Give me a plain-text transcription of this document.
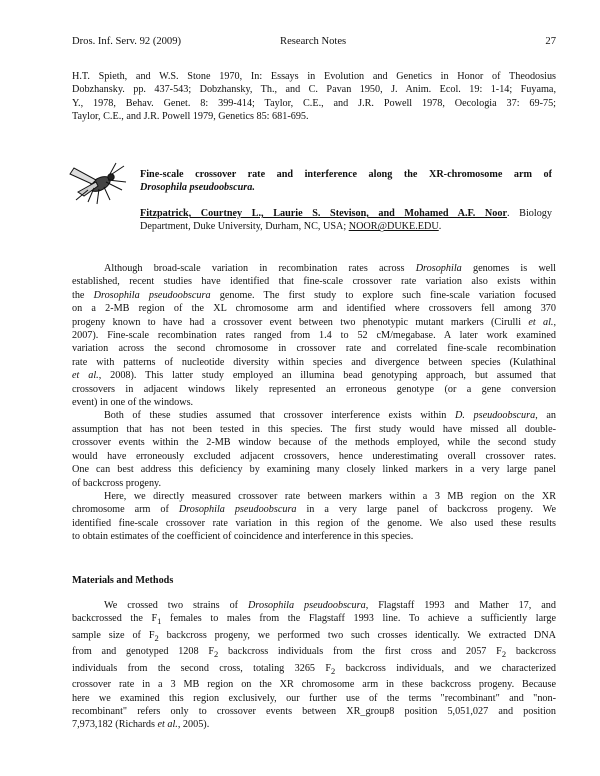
Dros. Inf. Serv. 92 (2009)	Research Notes	27
H.T. Spieth, and W.S. Stone 1970, In: Essays in Evolution and Genetics in Honor of Theodosius
Dobzhansky. pp. 437-543; Dobzhansky, Th., and C. Pavan 1950, J. Anim. Ecol. 19: 1-14; Fuyama,
Y., 1978, Behav. Genet. 8: 399-414; Taylor, C.E., and J.R. Powell 1978, Oecologia 37: 69-75;
Taylor, C.E., and J.R. Powell 1979, Genetics 85: 681-695.
Fine-scale crossover rate and interference along the XR-chromosome arm of
Drosophila pseudoobscura.
Fitzpatrick, Courtney L., Laurie S. Stevison, and Mohamed A.F. Noor. Biology
Department, Duke University, Durham, NC, USA; NOOR@DUKE.EDU.
Although broad-scale variation in recombination rates across Drosophila genomes is well
established, recent studies have identified that fine-scale crossover rate variation also exists within
the Drosophila pseudoobscura genome. The first study to explore such fine-scale variation focused
on a 2-MB region of the XL chromosome arm and identified where crossovers fell among 370
progeny known to have had a crossover event between two phenotypic mutant markers (Cirulli et al.,
2007). Fine-scale recombination rates ranged from 1.4 to 52 cM/megabase. A later work examined
variation across the second chromosome in crossover rate and correlated fine-scale recombination
rate with patterns of nucleotide diversity within species and divergence between species (Kulathinal
et al., 2008). This latter study employed an illumina bead genotyping approach, but assumed that
crossovers in adjacent windows likely represented an erroneous genotype (or a gene conversion
event) in one of the windows.
Both of these studies assumed that crossover interference exists within D. pseudoobscura, an
assumption that has not been tested in this species. The first study would have missed all double-
crossover events within the 2-MB window because of the methods employed, while the second study
would have erroneously excluded adjacent crossovers, hence underestimating overall crossover rates.
One can best address this deficiency by examining many closely linked markers in a very large panel
of backcross progeny.
Here, we directly measured crossover rate between markers within a 3 MB region on the XR
chromosome arm of Drosophila pseudoobscura in a very large panel of backcross progeny. We
identified fine-scale crossover rate variation in this region of the genome. We also used these results
to obtain estimates of the coefficient of coincidence and interference in this species.
Materials and Methods
We crossed two strains of Drosophila pseudoobscura, Flagstaff 1993 and Mather 17, and
backcrossed the $F_1$ females to males from the Flagstaff 1993 line. To achieve a sufficiently large
sample size of $F_2$ backcross progeny, we performed two such crosses identically. We extracted DNA
from and genotyped 1208 $F_2$ backcross individuals from the first cross and 2057 $F_2$ backcross
individuals from the second cross, totaling 3265 $F_2$ backcross individuals, and we characterized
crossover rate in a 3 MB region on the XR chromosome arm in these backcross progeny. Because
here we examined this region exclusively, our further use of the terms "recombinant" and "non-
recombinant" refers only to crossover events between XR_group8 position 5,051,027 and position
7,973,182 (Richards et al., 2005).
